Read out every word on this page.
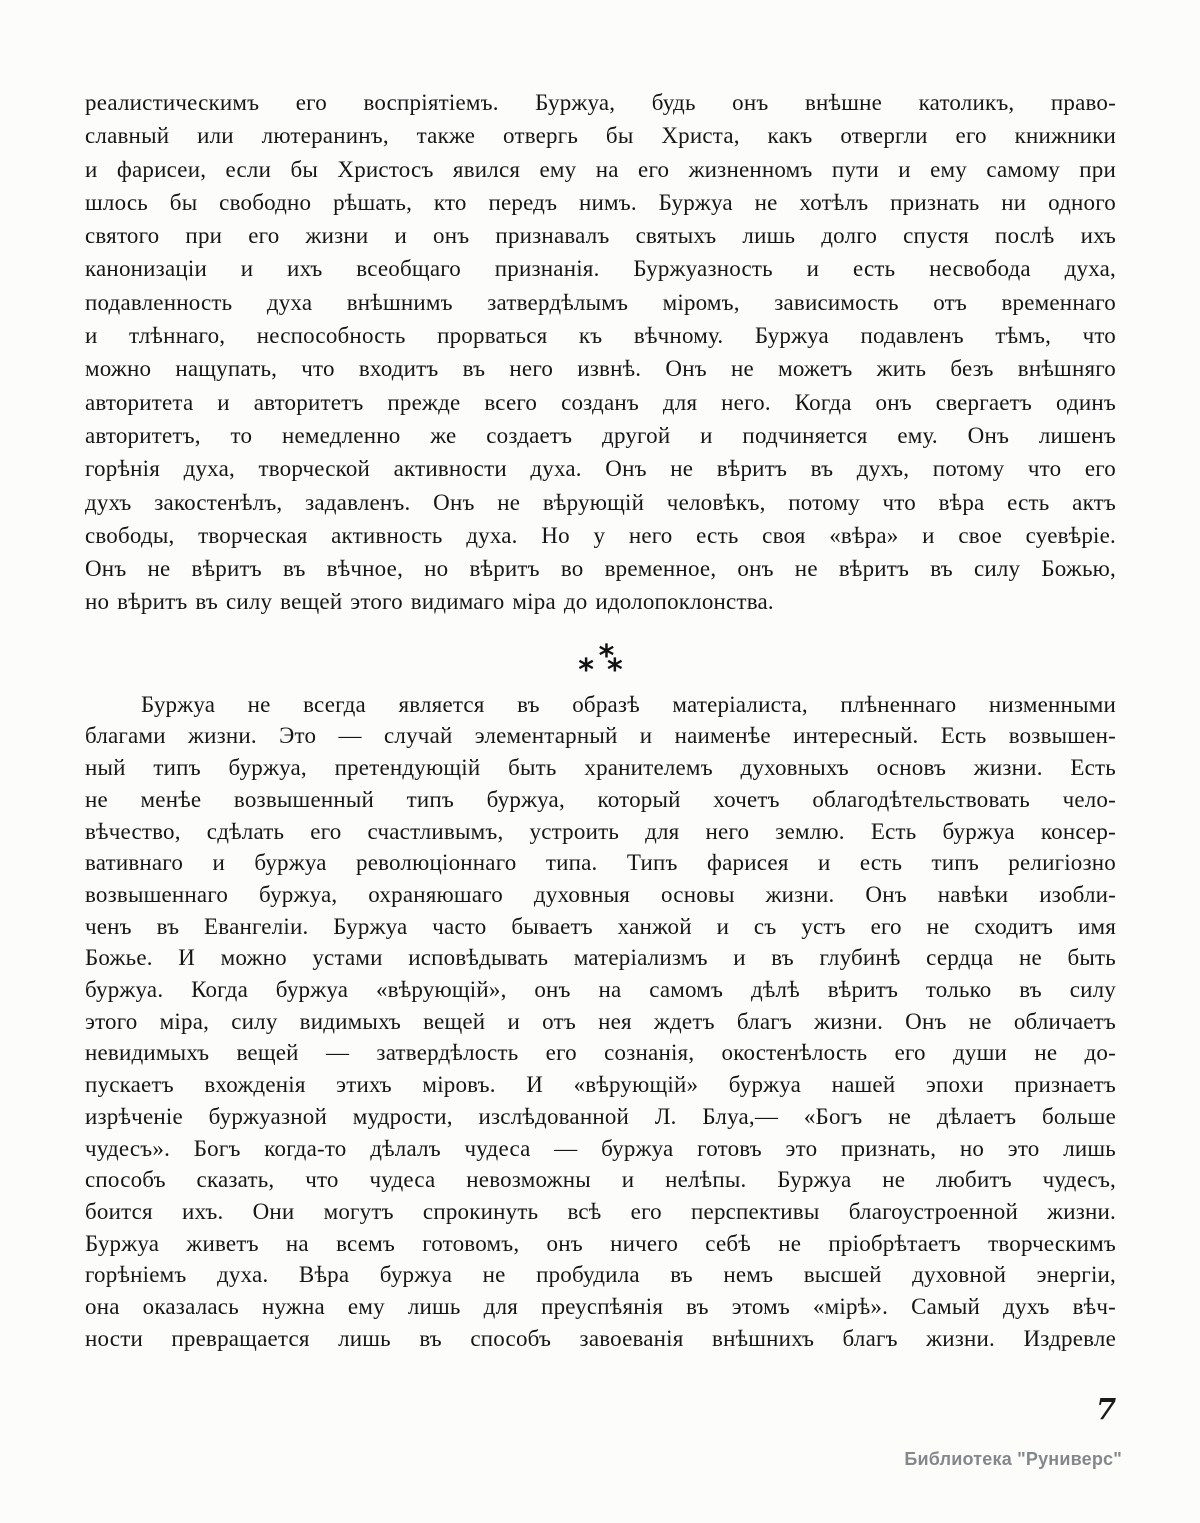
реалистическимъ его воспріятіемъ. Буржуа, будь онъ внѣшне католикъ, право-
славный или лютеранинъ, также отвергь бы Христа, какъ отвергли его книжники
и фарисеи, если бы Христосъ явился ему на его жизненномъ пути и ему самому при
шлось бы свободно рѣшать, кто передъ нимъ. Буржуа не хотѣлъ признать ни одного
святого при его жизни и онъ признавалъ святыхъ лишь долго спустя послѣ ихъ
канонизаціи и ихъ всеобщаго признанія. Буржуазность и есть несвобода духа,
подавленность духа внѣшнимъ затвердѣлымъ міромъ, зависимость отъ временнаго
и тлѣннаго, неспособность прорваться къ вѣчному. Буржуа подавленъ тѣмъ, что
можно нащупать, что входитъ въ него извнѣ. Онъ не можетъ жить безъ внѣшняго
авторитета и авторитетъ прежде всего созданъ для него. Когда онъ свергаетъ одинъ
авторитетъ, то немедленно же создаетъ другой и подчиняется ему. Онъ лишенъ
горѣнія духа, творческой активности духа. Онъ не вѣритъ въ духъ, потому что его
духъ закостенѣлъ, задавленъ. Онъ не вѣрующій человѣкъ, потому что вѣра есть актъ
свободы, творческая активность духа. Но у него есть своя «вѣра» и свое суевѣріе.
Онъ не вѣритъ въ вѣчное, но вѣритъ во временное, онъ не вѣритъ въ силу Божью,
но вѣритъ въ силу вещей этого видимаго міра до идолопоклонства.
*
* *
Буржуа не всегда является въ образѣ матеріалиста, плѣненнаго низменными
благами жизни. Это — случай элементарный и наименѣе интересный. Есть возвышен-
ный типъ буржуа, претендующій быть хранителемъ духовныхъ основъ жизни. Есть
не менѣе возвышенный типъ буржуа, который хочетъ облагодѣтельствовать чело-
вѣчество, сдѣлать его счастливымъ, устроить для него землю. Есть буржуа консер-
вативнаго и буржуа революціоннаго типа. Типъ фарисея и есть типъ религіозно
возвышеннаго буржуа, охраняюшаго духовныя основы жизни. Онъ навѣки изобли-
ченъ въ Евангеліи. Буржуа часто бываетъ ханжой и съ устъ его не сходитъ имя
Божье. И можно устами исповѣдывать матеріализмъ и въ глубинѣ сердца не быть
буржуа. Когда буржуа «вѣрующій», онъ на самомъ дѣлѣ вѣритъ только въ силу
этого міра, силу видимыхъ вещей и отъ нея ждетъ благъ жизни. Онъ не обличаетъ
невидимыхъ вещей — затвердѣлость его сознанія, окостенѣлость его души не до-
пускаетъ вхожденія этихъ міровъ. И «вѣрующій» буржуа нашей эпохи признаетъ
изрѣченіе буржуазной мудрости, изслѣдованной Л. Блуа,— «Богъ не дѣлаетъ больше
чудесъ». Богъ когда-то дѣлалъ чудеса — буржуа готовъ это признать, но это лишь
способъ сказать, что чудеса невозможны и нелѣпы. Буржуа не любитъ чудесъ,
боится ихъ. Они могутъ спрокинуть всѣ его перспективы благоустроенной жизни.
Буржуа живетъ на всемъ готовомъ, онъ ничего себѣ не пріобрѣтаетъ творческимъ
горѣніемъ духа. Вѣра буржуа не пробудила въ немъ высшей духовной энергіи,
она оказалась нужна ему лишь для преуспѣянія въ этомъ «мірѣ». Самый духъ вѣч-
ности превращается лишь въ способъ завоеванія внѣшнихъ благъ жизни. Издревле
7
Библиотека "Руниверс"
